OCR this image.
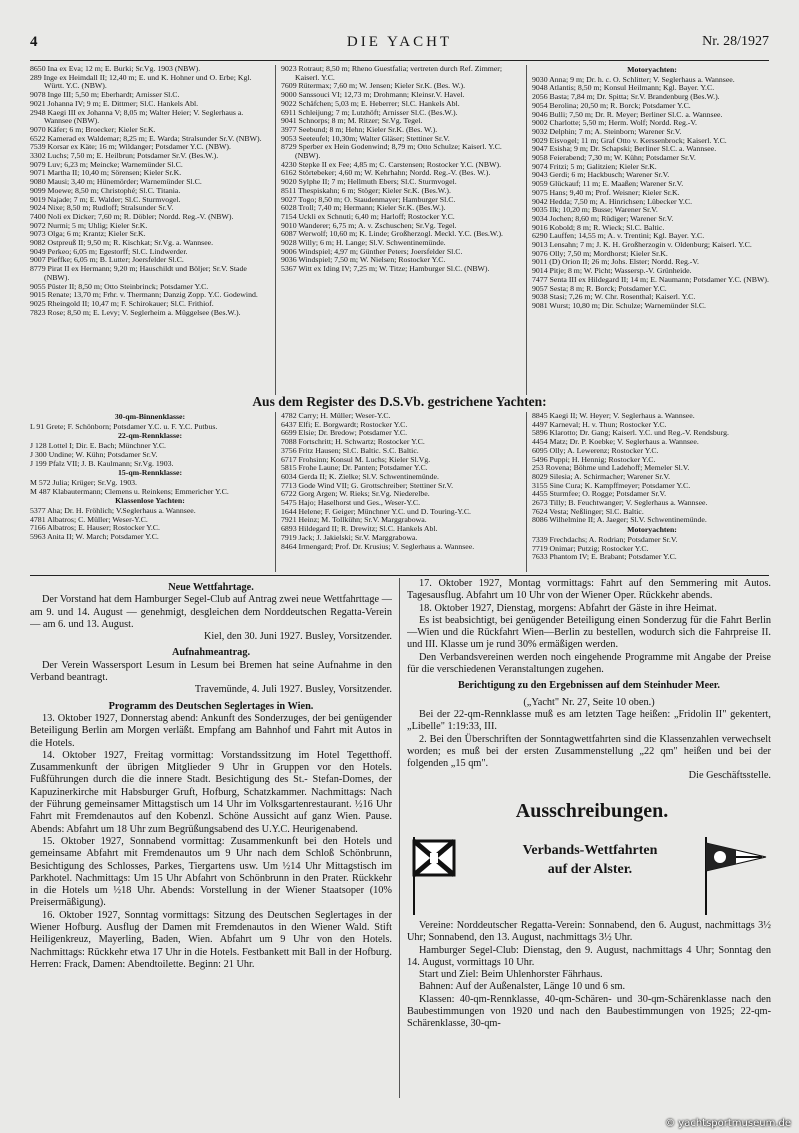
4	DIE YACHT	Nr. 28/1927
8650 Ina ex Eva; 12 m; E. Burki; Sr.Vg. 1903 (NBW).
289 Inge ex Heimdall II; 12,40 m; E. und K. Hohner und O. Erbe; Kgl. Württ. Y.C. (NBW).
9078 Inge III; 5,50 m; Eberhardt; Arnisser Sl.C.
9021 Johanna IV; 9 m; E. Dittmer; Sl.C. Hankels Abl.
2948 Kaegi III ex Johanna V; 8,05 m; Walter Heier; V. Seglerhaus a. Wannsee (NBW).
9070 Käfer; 6 m; Broecker; Kieler Sr.K.
6522 Kamerad ex Waldemar; 8,25 m; E. Warda; Stralsunder Sr.V. (NBW).
7539 Korsar ex Käte; 16 m; Wildanger; Potsdamer Y.C. (NBW).
3302 Luchs; 7,50 m; E. Heilbrun; Potsdamer Sr.V. (Bes.W.).
9079 Luv; 6,23 m; Meincke; Warnemünder Sl.C.
9071 Martha II; 10,40 m; Sörensen; Kieler Sr.K.
9080 Mausi; 3,40 m; Hünemörder; Warnemünder Sl.C.
9099 Moewe; 8,50 m; Christophé; Sl.C. Titania.
9019 Najade; 7 m; E. Walder; Sl.C. Sturmvogel.
9024 Nixe; 8,50 m; Rudloff; Stralsunder Sr.V.
7400 Noli ex Dicker; 7,60 m; R. Döbler; Nordd. Reg.-V. (NBW).
9072 Nurmi; 5 m; Uhlig; Kieler Sr.K.
9073 Olga; 6 m; Krantz; Kieler Sr.K.
9082 Ostpreuß II; 9,50 m; R. Kischkat; Sr.Vg. a. Wannsee.
9049 Perkeo; 6,05 m; Egestorff; Sl.C. Lindwerder.
9007 Pieffke; 6,05 m; B. Lutter; Joersfelder Sl.C.
8779 Pirat II ex Hermann; 9,20 m; Hauschildt und Böljer; Sr.V. Stade (NBW).
9055 Püster II; 8,50 m; Otto Steinbrinck; Potsdamer Y.C.
9015 Renate; 13,70 m; Frhr. v. Thermann; Danzig Zopp. Y.C. Godewind.
9025 Rheingold II; 10,47 m; F. Schirokauer; Sl.C. Frithiof.
7823 Rose; 8,50 m; E. Levy; V. Seglerheim a. Müggelsee (Bes.W.).
9023 Rotraut; 8,50 m; Rheno Guestfalia; vertreten durch Ref. Zimmer; Kaiserl. Y.C.
7609 Rütermax; 7,60 m; W. Jensen; Kieler Sr.K. (Bes. W.).
9000 Sanssouci VI; 12,73 m; Drohmann; Kleinsr.V. Havel.
9022 Schäfchen; 5,03 m; E. Heberrer; Sl.C. Hankels Abl.
6911 Schleijung; 7 m; Lutzhöft; Arnisser Sl.C. (Bes.W.).
9041 Schnorps; 8 m; M. Ritzer; Sr.Vg. Tegel.
3977 Seebund; 8 m; Hehn; Kieler Sr.K. (Bes. W.).
9053 Seeteufel; 10,30m; Walter Gläser; Stettiner Sr.V.
8729 Sperber ex Hein Godenwind; 8,79 m; Otto Schulze; Kaiserl. Y.C. (NBW).
4230 Stepke II ex Fee; 4,85 m; C. Carstensen; Rostocker Y.C. (NBW).
6162 Störtebeker; 4,60 m; W. Kehrhahn; Nordd. Reg.-V. (Bes. W.).
9020 Sylphe II; 7 m; Hellmuth Ebers; Sl.C. Sturmvogel.
8511 Thespiskahn; 6 m; Stöger; Kieler Sr.K. (Bes.W.).
9027 Togo; 8,50 m; O. Staudenmayer; Hamburger Sl.C.
6028 Troll; 7,40 m; Hermann; Kieler Sr.K. (Bes.W.).
7154 Uckli ex Schnuti; 6,40 m; Harloff; Rostocker Y.C.
9010 Wanderer; 6,75 m; A. v. Zschuschen; Sr.Vg. Tegel.
6087 Werwolf; 10,60 m; K. Linde; Großherzogl. Meckl. Y.C. (Bes.W.).
9028 Willy; 6 m; H. Lange; Sl.V. Schwentinemünde.
9006 Windspiel; 4,97 m; Günther Peters; Joersfelder Sl.C.
9036 Windspiel; 7,50 m; W. Nielsen; Rostocker Y.C.
5367 Witt ex Iding IV; 7,25 m; W. Titze; Hamburger Sl.C. (NBW).
Motoryachten:
9030 Anna; 9 m; Dr. h. c. O. Schlitter; V. Seglerhaus a. Wannsee.
9048 Atlantis; 8,50 m; Konsul Heilmann; Kgl. Bayer. Y.C.
2056 Basta; 7,84 m; Dr. Spitta; Sr.V. Brandenburg (Bes.W.).
9054 Berolina; 20,50 m; R. Borck; Potsdamer Y.C.
9046 Bulli; 7,50 m; Dr. R. Meyer; Berliner Sl.C. a. Wannsee.
9002 Charlotte; 5,50 m; Herm. Wolf; Nordd. Reg.-V.
9032 Delphin; 7 m; A. Steinborn; Warener Sr.V.
9029 Eisvogel; 11 m; Graf Otto v. Kerssenbrock; Kaiserl. Y.C.
9047 Esisha; 9 m; Dr. Schapski; Berliner Sl.C. a. Wannsee.
9058 Feierabend; 7,30 m; W. Kühn; Potsdamer Sr.V.
9074 Fritzi; 5 m; Galitzien; Kieler Sr.K.
9043 Gerdi; 6 m; Hackbusch; Warener Sr.V.
9059 Glückauf; 11 m; E. Maaßen; Warener Sr.V.
9075 Hans; 9,40 m; Prof. Weisner; Kieler Sr.K.
9042 Hedda; 7,50 m; A. Hinrichsen; Lübecker Y.C.
9035 Ilk; 10,20 m; Busse; Warener Sr.V.
9034 Jochen; 8,60 m; Rüdiger; Warener Sr.V.
9016 Kobold; 8 m; R. Wieck; Sl.C. Baltic.
6290 Lauffen; 14,55 m; A. v. Trentini; Kgl. Bayer. Y.C.
9013 Lensahn; 7 m; J. K. H. Großherzogin v. Oldenburg; Kaiserl. Y.C.
9076 Olly; 7,50 m; Mordhorst; Kieler Sr.K.
9011 (D) Orion II; 26 m; Johs. Elster; Nordd. Reg.-V.
9014 Pitje; 8 m; W. Picht; Wassersp.-V. Grünheide.
7477 Senta III ex Hildegard II; 14 m; E. Naumann; Potsdamer Y.C. (NBW).
9057 Sesta; 8 m; R. Borck; Potsdamer Y.C.
9038 Stasi; 7,26 m; W. Chr. Rosenthal; Kaiserl. Y.C.
9081 Wurst; 10,80 m; Dir. Schulze; Warnemünder Sl.C.
Aus dem Register des D.S.Vb. gestrichene Yachten:
30-qm-Binnenklasse:
L 91 Grete; F. Schönborn; Potsdamer Y.C. u. F. Y.C. Putbus.
22-qm-Rennklasse:
J 128 Lottel I; Dir. E. Bach; Münchner Y.C.
J 300 Undine; W. Kühn; Potsdamer Sr.V.
J 199 Pfalz VII; J. B. Kaulmann; Sr.Vg. 1903.
15-qm-Rennklasse:
M 572 Julia; Krüger; Sr.Vg. 1903.
M 487 Klabautermann; Clemens u. Reinkens; Emmericher Y.C.
Klassenlose Yachten:
5377 Aha; Dr. H. Fröhlich; V.Seglerhaus a. Wannsee.
4781 Albatros; C. Müller; Weser-Y.C.
7166 Albatros; E. Hauser; Rostocker Y.C.
5963 Anita II; W. March; Potsdamer Y.C.
4782 Carry; H. Müller; Weser-Y.C.
6437 Elfi; E. Borgwardt; Rostocker Y.C.
6699 Elsie; Dr. Bredow; Potsdamer Y.C.
7088 Fortschritt; H. Schwartz; Rostocker Y.C.
3756 Fritz Hausen; Sl.C. Baltic. S.C. Baltic.
6717 Frohsinn; Konsul M. Luchs; Kieler Sl.Vg.
5815 Frohe Laune; Dr. Panten; Potsdamer Y.C.
6034 Gerda II; K. Zielke; Sl.V. Schwentinemünde.
7713 Gode Wind VII; G. Grottschreiber; Stettiner Sr.V.
6722 Gorg Argen; W. Rieks; Sr.Vg. Niederelbe.
5475 Hajo; Haselhorst und Ges., Weser-Y.C.
1644 Helene; F. Geiger; Münchner Y.C. und D. Touring-Y.C.
7921 Heinz; M. Tollkühn; Sr.V. Marggrabowa.
6893 Hildegard II; R. Drewitz; Sl.C. Hankels Abl.
7919 Jack; J. Jakielski; Sr.V. Marggrabowa.
8464 Irmengard; Prof. Dr. Krusius; V. Seglerhaus a. Wannsee.
8845 Kaegi II; W. Heyer; V. Seglerhaus a. Wannsee.
4497 Karneval; H. v. Thun; Rostocker Y.C.
5896 Klarotto; Dr. Gang; Kaiserl. Y.C. und Reg.-V. Rendsburg.
4454 Matz; Dr. P. Koebke; V. Seglerhaus a. Wannsee.
6095 Olly; A. Lewerenz; Rostocker Y.C.
5496 Puppi; H. Hennig; Rostocker Y.C.
253 Rovena; Böhme und Ladehoff; Memeler Sl.V.
8029 Silesia; A. Schirmacher; Warener Sr.V.
3155 Sine Cura; K. Kampffmeyer; Potsdamer Y.C.
4455 Sturmfee; O. Rogge; Potsdamer Sr.V.
2673 Tilly; B. Feuchtwanger; V. Seglerhaus a. Wannsee.
7624 Vesta; Neßlinger; Sl.C. Baltic.
8086 Wilhelmine II; A. Jaeger; Sl.V. Schwentinemünde.
Motoryachten:
7339 Frechdachs; A. Rodrian; Potsdamer Sr.V.
7719 Onimar; Putzig; Rostocker Y.C.
7633 Phantom IV; E. Brabant; Potsdamer Y.C.

Neue Wettfahrtage.

Der Vorstand hat dem Hamburger Segel-Club auf Antrag zwei neue Wettfahrttage — am 9. und 14. August — genehmigt, desgleichen dem Norddeutschen Regatta-Verein — am 6. und 13. August.

Kiel, den 30. Juni 1927. Busley, Vorsitzender.

Aufnahmeantrag.

Der Verein Wassersport Lesum in Lesum bei Bremen hat seine Aufnahme in den Verband beantragt.

Travemünde, 4. Juli 1927. Busley, Vorsitzender.

Programm des Deutschen Seglertages in Wien.

13. Oktober 1927, Donnerstag abend: Ankunft des Sonderzuges, der bei genügender Beteiligung Berlin am Morgen verläßt. Empfang am Bahnhof und Fahrt mit Autos in die Hotels.

14. Oktober 1927, Freitag vormittag: Vorstandssitzung im Hotel Tegetthoff. Zusammenkunft der übrigen Mitglieder 9 Uhr in Gruppen vor den Hotels. Fußführungen durch die die innere Stadt. Besichtigung des St.- Stefan-Domes, der Kapuzinerkirche mit Habsburger Gruft, Hofburg, Schatzkammer. Nachmittags: Nach der Führung gemeinsamer Mittagstisch um 14 Uhr im Volksgartenrestaurant. ½16 Uhr Fahrt mit Fremdenautos auf den Kobenzl. Schöne Aussicht auf ganz Wien. Pause. Abends: Abfahrt um 18 Uhr zum Begrüßungsabend des U.Y.C. Heurigenabend.

15. Oktober 1927, Sonnabend vormittag: Zusammenkunft bei den Hotels und gemeinsame Abfahrt mit Fremdenautos um 9 Uhr nach dem Schloß Schönbrunn, Besichtigung des Schlosses, Parkes, Tiergartens usw. Um ½14 Uhr Mittagstisch im Parkhotel. Nachmittags: Um 15 Uhr Abfahrt von Schönbrunn in den Prater. Rückkehr in die Hotels um ½18 Uhr. Abends: Vorstellung in der Wiener Staatsoper (10% Preisermäßigung).

16. Oktober 1927, Sonntag vormittags: Sitzung des Deutschen Seglertages in der Wiener Hofburg. Ausflug der Damen mit Fremdenautos in den Wiener Wald. Stift Heiligenkreuz, Mayerling, Baden, Wien. Abfahrt um 9 Uhr von den Hotels. Nachmittags: Rückkehr etwa 17 Uhr in die Hotels. Festbankett mit Ball in der Hofburg. Herren: Frack, Damen: Abendtoilette. Beginn: 21 Uhr.

17. Oktober 1927, Montag vormittags: Fahrt auf den Semmering mit Autos. Tagesausflug. Abfahrt um 10 Uhr von der Wiener Oper. Rückkehr abends.

18. Oktober 1927, Dienstag, morgens: Abfahrt der Gäste in ihre Heimat.

Es ist beabsichtigt, bei genügender Beteiligung einen Sonderzug für die Fahrt Berlin—Wien und die Rückfahrt Wien—Berlin zu bestellen, wodurch sich die Fahrpreise II. und III. Klasse um je rund 30% ermäßigen werden.

Den Verbandsvereinen werden noch eingehende Programme mit Angabe der Preise für die verschiedenen Veranstaltungen zugehen.

Berichtigung zu den Ergebnissen auf dem Steinhuder Meer.

(„Yacht" Nr. 27, Seite 10 oben.)

Bei der 22-qm-Rennklasse muß es am letzten Tage heißen: „Fridolin II" gekentert, „Libelle" 1:19:33, III.

2. Bei den Überschriften der Sonntagwettfahrten sind die Klassenzahlen verwechselt worden; es muß bei der ersten Zusammenstellung „22 qm" heißen und bei der folgenden „15 qm".

Die Geschäftsstelle.

Ausschreibungen.
Verbands-Wettfahrten
auf der Alster.

Vereine: Norddeutscher Regatta-Verein: Sonnabend, den 6. August, nachmittags 3½ Uhr; Sonnabend, den 13. August, nachmittags 3½ Uhr.

Hamburger Segel-Club: Dienstag, den 9. August, nachmittags 4 Uhr; Sonntag den 14. August, vormittags 10 Uhr.

Start und Ziel: Beim Uhlenhorster Fährhaus.

Bahnen: Auf der Außenalster, Länge 10 und 6 sm.

Klassen: 40-qm-Rennklasse, 40-qm-Schären- und 30-qm-Schärenklasse nach den Baubestimmungen von 1920 und nach den Baubestimmungen von 1925; 22-qm-Schärenklasse, 30-qm-

© yachtsportmuseum.de
